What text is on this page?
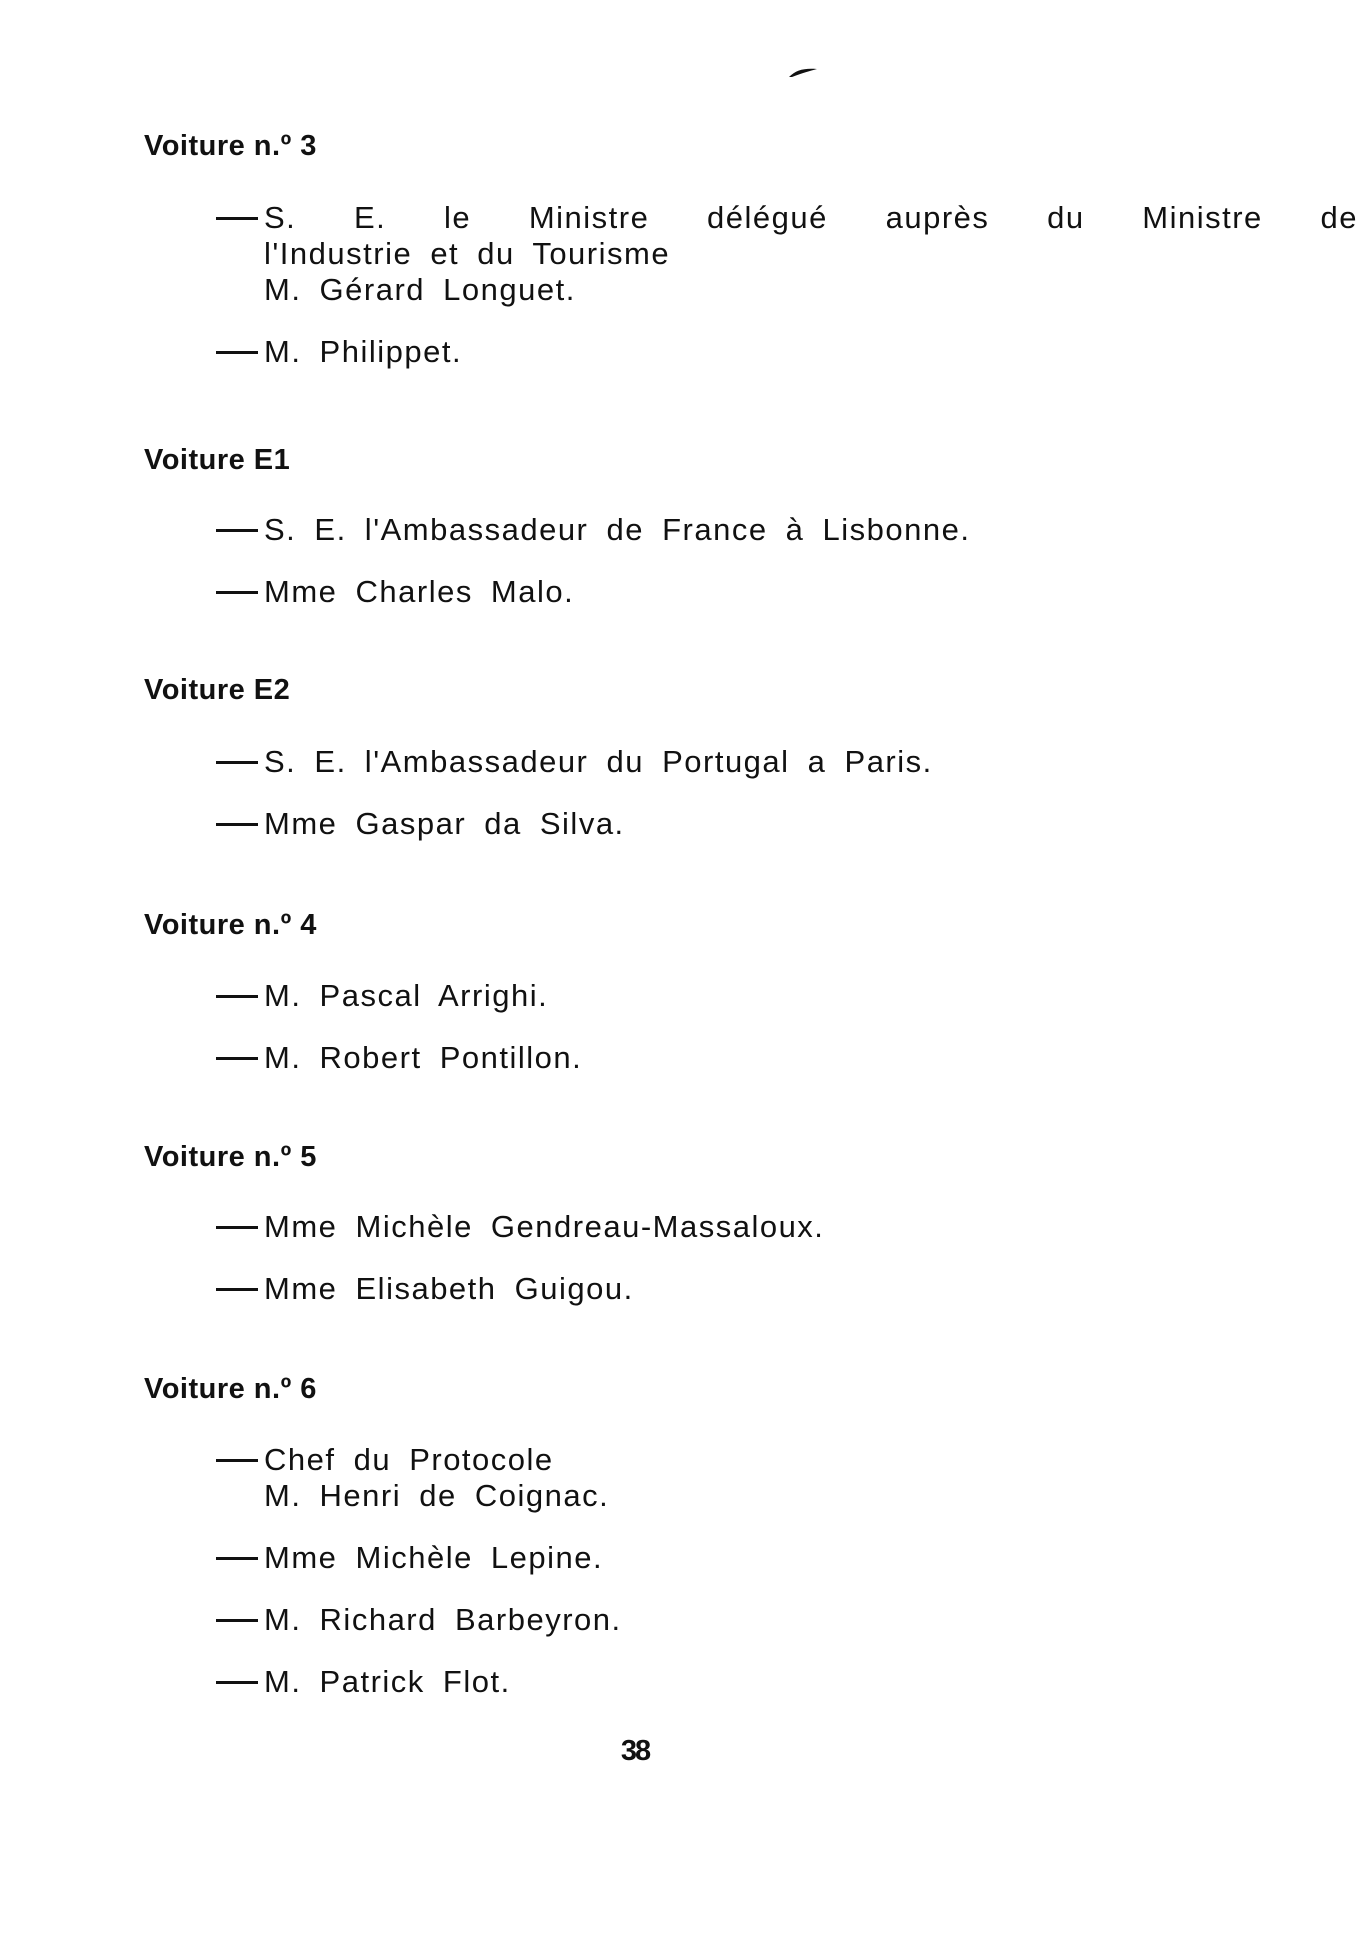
Voiture n.º 3
S. E. le Ministre délégué auprès du Ministre de
l'Industrie et du Tourisme
M. Gérard Longuet.
M. Philippet.
Voiture E1
S. E. l'Ambassadeur de France à Lisbonne.
Mme Charles Malo.
Voiture E2
S. E. l'Ambassadeur du Portugal a Paris.
Mme Gaspar da Silva.
Voiture n.º 4
M. Pascal Arrighi.
M. Robert Pontillon.
Voiture n.º 5
Mme Michèle Gendreau-Massaloux.
Mme Elisabeth Guigou.
Voiture n.º 6
Chef du Protocole
M. Henri de Coignac.
Mme Michèle Lepine.
M. Richard Barbeyron.
M. Patrick Flot.
38
